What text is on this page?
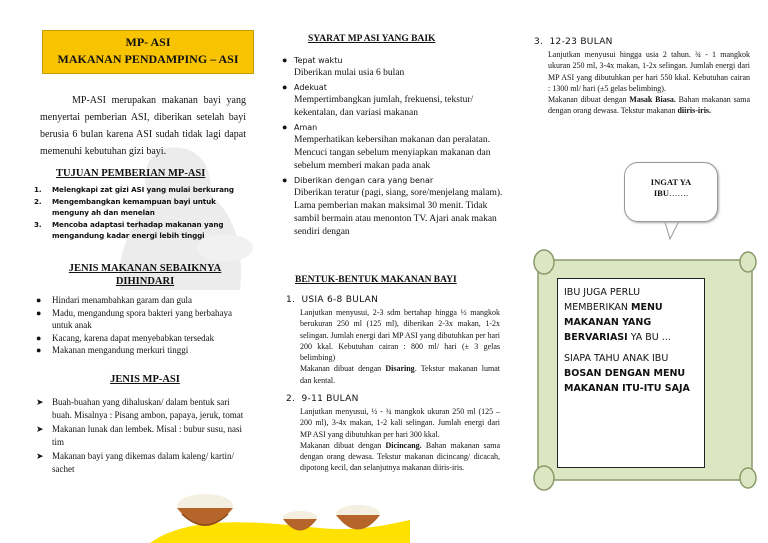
MP- ASI
MAKANAN PENDAMPING – ASI
MP-ASI merupakan makanan bayi yang menyertai pemberian ASI, diberikan setelah bayi berusia 6 bulan karena ASI sudah tidak lagi dapat memenuhi kebutuhan gizi bayi.
TUJUAN PEMBERIAN MP-ASI
1. Melengkapi zat gizi ASI yang mulai berkurang
2. Mengembangkan kemampuan bayi untuk menguny ah dan menelan
3. Mencoba adaptasi terhadap makanan yang mengandung kadar energi lebih tinggi
JENIS MAKANAN SEBAIKNYA
DIHINDARI
● Hindari menambahkan garam dan gula
● Madu, mengandung spora bakteri yang berbahaya untuk anak
● Kacang, karena dapat menyebabkan tersedak
● Makanan mengandung merkuri tinggi
JENIS MP-ASI
➤ Buah-buahan yang dihaluskan/ dalam bentuk sari buah. Misalnya : Pisang ambon, papaya, jeruk, tomat
➤ Makanan lunak dan lembek. Misal : bubur susu, nasi tim
➤ Makanan bayi yang dikemas dalam kaleng/ kartin/ sachet
SYARAT MP ASI YANG BAIK
● Tepat waktu
Diberikan mulai usia 6 bulan
● Adekuat
Mempertimbangkan jumlah, frekuensi, tekstur/ kekentalan, dan variasi makanan
● Aman
Memperhatikan kebersihan makanan dan peralatan. Mencuci tangan sebelum menyiapkan makanan dan sebelum memberi makan pada anak
● Diberikan dengan cara yang benar
Diberikan teratur (pagi, siang, sore/menjelang malam). Lama pemberian makan maksimal 30 menit. Tidak sambil bermain atau menonton TV. Ajari anak makan sendiri dengan
BENTUK-BENTUK MAKANAN BAYI
1. USIA 6-8 BULAN
Lanjutkan menyusui, 2-3 sdm bertahap hingga ½ mangkok berukuran 250 ml (125 ml), diberikan 2-3x makan, 1-2x selingan. Jumlah energi dari MP ASI yang dibutuhkan per hari 200 kkal. Kebutuhan cairan : 800 ml/ hari (± 3 gelas belimbing)
Makanan dibuat dengan Disaring. Tekstur makanan lumat dan kental.
2. 9-11 BULAN
Lanjutkan menyusui, ½ - ¾ mangkok ukuran 250 ml (125 – 200 ml), 3-4x makan, 1-2 kali selingan. Jumlah energi dari MP ASI yang dibutuhkan per hari 300 kkal.
Makanan dibuat dengan Dicincang. Bahan makanan sama dengan orang dewasa. Tekstur makanan dicincang/ dicacah, dipotong kecil, dan selanjutnya makanan diiris-iris.
3. 12-23 BULAN
Lanjutkan menyusui hingga usia 2 tahun. ¾ - 1 mangkok ukuran 250 ml, 3-4x makan, 1-2x selingan. Jumlah energi dari MP ASI yang dibutuhkan per hari 550 kkal. Kebutuhan cairan : 1300 ml/ hari (±5 gelas belimbing).
Makanan dibuat dengan Masak Biasa. Bahan makanan sama dengan orang dewasa. Tekstur makanan diiris-iris.
INGAT YA
IBU…….
IBU JUGA PERLU MEMBERIKAN MENU MAKANAN YANG BERVARIASI YA BU ...
SIAPA TAHU ANAK IBU BOSAN DENGAN MENU MAKANAN ITU-ITU SAJA
